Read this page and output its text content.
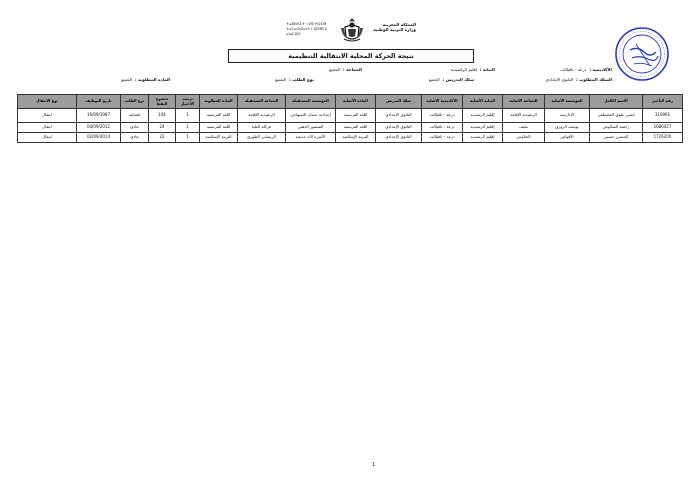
المملكة المغربية
وزارة التربية الوطنية
ⵜⴰⴳⵍⴷⵉⵜ ⵏ ⵍⵎⵖⵔⵉⴱ
ⵜⴰⵎⴰⵙⵙⴰⵏⵜ ⵏ ⵓⵙⴳⵎⵉ
ⴰⵏⴰⵎⵓⵔ
نتيجة الحركة المحلية الانتقالية التنظيمية
الجماعة :الجميع	النيابة :إقليم الراشيدية	الأكاديمية :درعة - تافيلالت
المادة المطلوبة :الجميع	نوع الطلب :الجميع	سلك التدريس :الجميع	السلك المطلوب :الثانوي الإعدادي
رقم التأجير	الاسم الكامل	المؤسسة الأصلية	الجماعة الأصلية	النيابة الأصلية	الأكاديمية الأصلية	سلك التدريس	المادة الأصلية	المؤسسة المستقبلة	الجماعة المستقبلة	المادة المطلوبة	ترتيب الاختيار	مجموع النقط	نوع الطلب	تاريخ التوظيف	نوع الانتقال
310991	ابسي علوي المصطفى	الادارسة	الرشيدية الإقامة	إقليم الرشيدية	درعة - تافيلالت	الثانوي الإعدادي	اللغة الفرنسية	إعدادية حسان الصنهاجي	الرشيدية الإقامة	اللغة الفرنسية	1	144	قضائية	16/09/1987	انتقال
1686427	راضية الصالوش	يوسف الروزي	مليف	إقليم الرشيدية	درعة - تافيلالت	الثانوي الإعدادي	اللغة الفرنسية	المنصور الذهبي	فركلة العليا	اللغة الفرنسية	1	24	عادي	04/09/2012	انتقال
1726200	الحسين حسني	الأقواض	الخلاوس	إقليم الرشيدية	درعة - تافيلالت	الثانوي الإعدادي	التربية الإسلامية	الأسرة لالة خديجة	الريصاني الطوري	التربية الإسلامية	1	22	عادي	02/09/2014	انتقال
1
